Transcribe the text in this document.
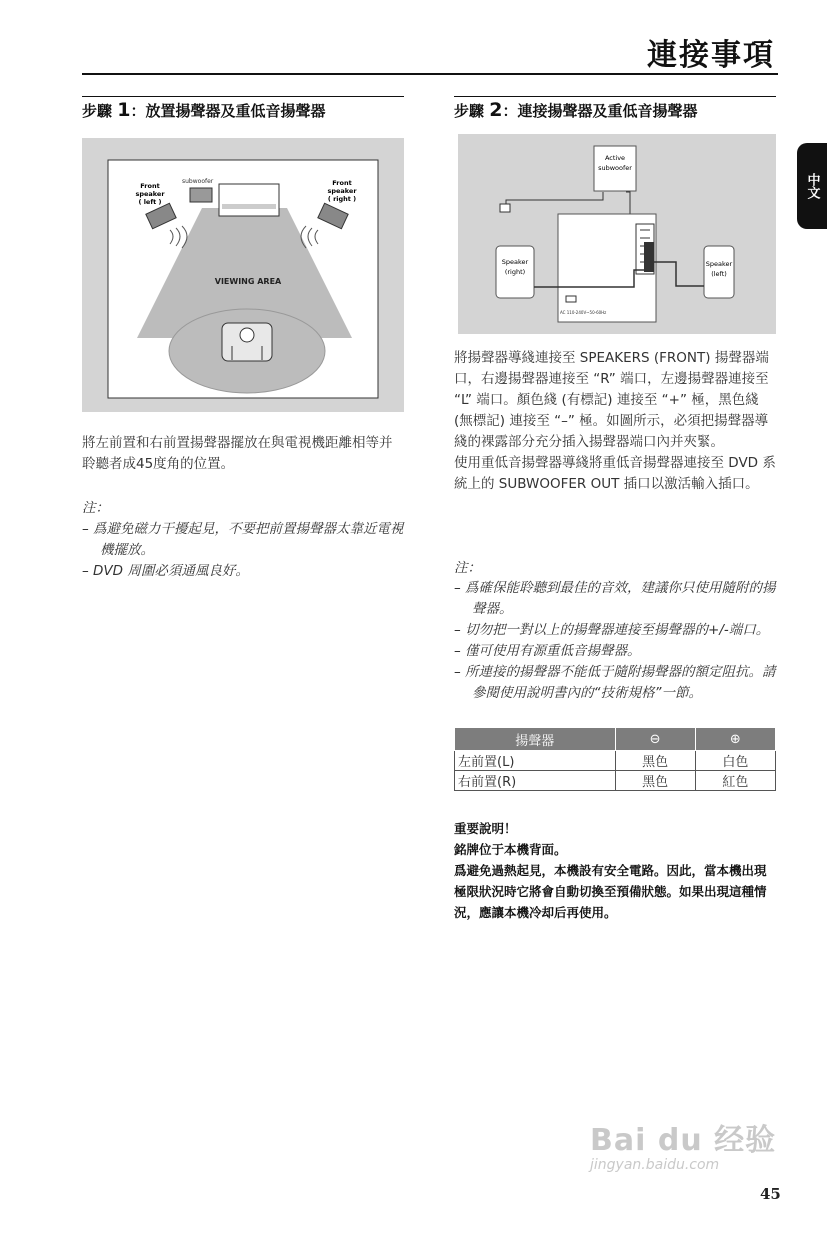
連接事項
中文
步驟 1：放置揚聲器及重低音揚聲器
subwoofer
Front
speaker
( left )
Front
speaker
( right )
VIEWING AREA
將左前置和右前置揚聲器擺放在與電視機距離相等并聆聽者成45度角的位置。
注：
– 爲避免磁力干擾起見，不要把前置揚聲器太靠近電視機擺放。
– DVD 周圍必須通風良好。
步驟 2：連接揚聲器及重低音揚聲器
Active
subwoofer
AC 110-240V~50-60Hz
Speaker
(right)
Speaker
(left)
將揚聲器導綫連接至 SPEAKERS (FRONT) 揚聲器端口，右邊揚聲器連接至 “R” 端口，左邊揚聲器連接至 “L” 端口。顏色綫 (有標記) 連接至 “+” 極，黑色綫(無標記) 連接至 “–” 極。如圖所示，必須把揚聲器導綫的裸露部分充分插入揚聲器端口內并夾緊。
使用重低音揚聲器導綫將重低音揚聲器連接至 DVD 系統上的 SUBWOOFER OUT 插口以激活輸入插口。
注：
– 爲確保能聆聽到最佳的音效，建議你只使用隨附的揚聲器。
– 切勿把一對以上的揚聲器連接至揚聲器的+/-端口。
– 僅可使用有源重低音揚聲器。
– 所連接的揚聲器不能低于隨附揚聲器的額定阻抗。請參閱使用說明書內的“技術規格”一節。
揚聲器	⊖	⊕
左前置(L)	黑色	白色
右前置(R)	黑色	紅色
重要說明！
銘牌位于本機背面。
爲避免過熱起見，本機設有安全電路。因此，當本機出現極限狀況時它將會自動切換至預備狀態。如果出現這種情況，應讓本機冷却后再使用。
Bai du 经验
jingyan.baidu.com
45
